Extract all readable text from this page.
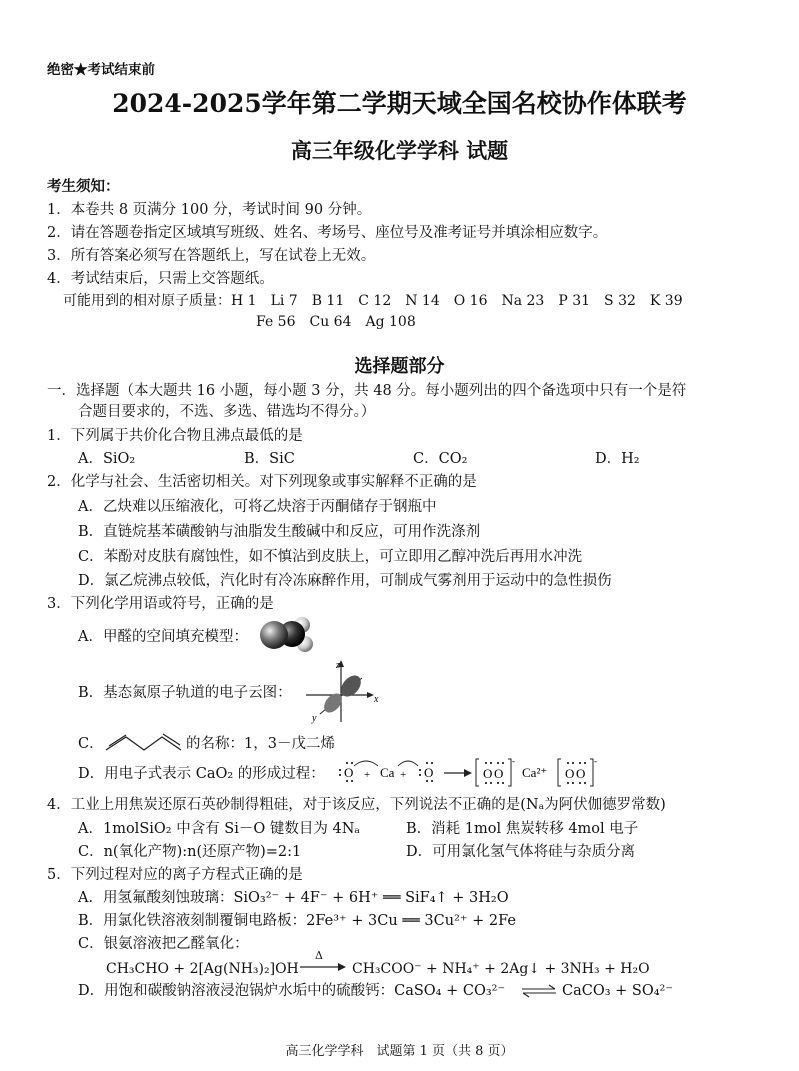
绝密★考试结束前
2024-2025学年第二学期天域全国名校协作体联考
高三年级化学学科 试题
考生须知：
1．本卷共 8 页满分 100 分，考试时间 90 分钟。
2．请在答题卷指定区域填写班级、姓名、考场号、座位号及准考证号并填涂相应数字。
3．所有答案必须写在答题纸上，写在试卷上无效。
4．考试结束后，只需上交答题纸。
可能用到的相对原子质量：H 1　Li 7　B 11　C 12　N 14　O 16　Na 23　P 31　S 32　K 39
Fe 56　Cu 64　Ag 108
选择题部分
一．选择题（本大题共 16 小题，每小题 3 分，共 48 分。每小题列出的四个备选项中只有一个是符
合题目要求的，不选、多选、错选均不得分。）
1．下列属于共价化合物且沸点最低的是
A．SiO₂	B．SiC	C．CO₂	D．H₂
2．化学与社会、生活密切相关。对下列现象或事实解释不正确的是
A．乙炔难以压缩液化，可将乙炔溶于丙酮储存于钢瓶中
B．直链烷基苯磺酸钠与油脂发生酸碱中和反应，可用作洗涤剂
C．苯酚对皮肤有腐蚀性，如不慎沾到皮肤上，可立即用乙醇冲洗后再用水冲洗
D．氯乙烷沸点较低，汽化时有冷冻麻醉作用，可制成气雾剂用于运动中的急性损伤
3．下列化学用语或符号，正确的是
A．甲醛的空间填充模型：
B．基态氮原子轨道的电子云图：
z
x
y
C．	的名称：1，3－戊二烯
D．用电子式表示 CaO₂ 的形成过程： O + Ca + O	O O
-
Ca²⁺ O O
-
4．工业上用焦炭还原石英砂制得粗硅，对于该反应，下列说法不正确的是(Nₐ为阿伏伽德罗常数)
A．1molSiO₂ 中含有 Si－O 键数目为 4Nₐ	B．消耗 1mol 焦炭转移 4mol 电子
C．n(氧化产物):n(还原产物)=2:1	D．可用氯化氢气体将硅与杂质分离
5．下列过程对应的离子方程式正确的是
A．用氢氟酸刻蚀玻璃：SiO₃²⁻ + 4F⁻ + 6H⁺ ══ SiF₄↑ + 3H₂O
B．用氯化铁溶液刻制覆铜电路板：2Fe³⁺ + 3Cu ══ 3Cu²⁺ + 2Fe
C．银氨溶液把乙醛氧化：
CH₃CHO + 2[Ag(NH₃)₂]OH
Δ
CH₃COO⁻ + NH₄⁺ + 2Ag↓ + 3NH₃ + H₂O
D．用饱和碳酸钠溶液浸泡锅炉水垢中的硫酸钙：CaSO₄ + CO₃²⁻ ⇌ CaCO₃ + SO₄²⁻
高三化学学科　试题第 1 页（共 8 页）
